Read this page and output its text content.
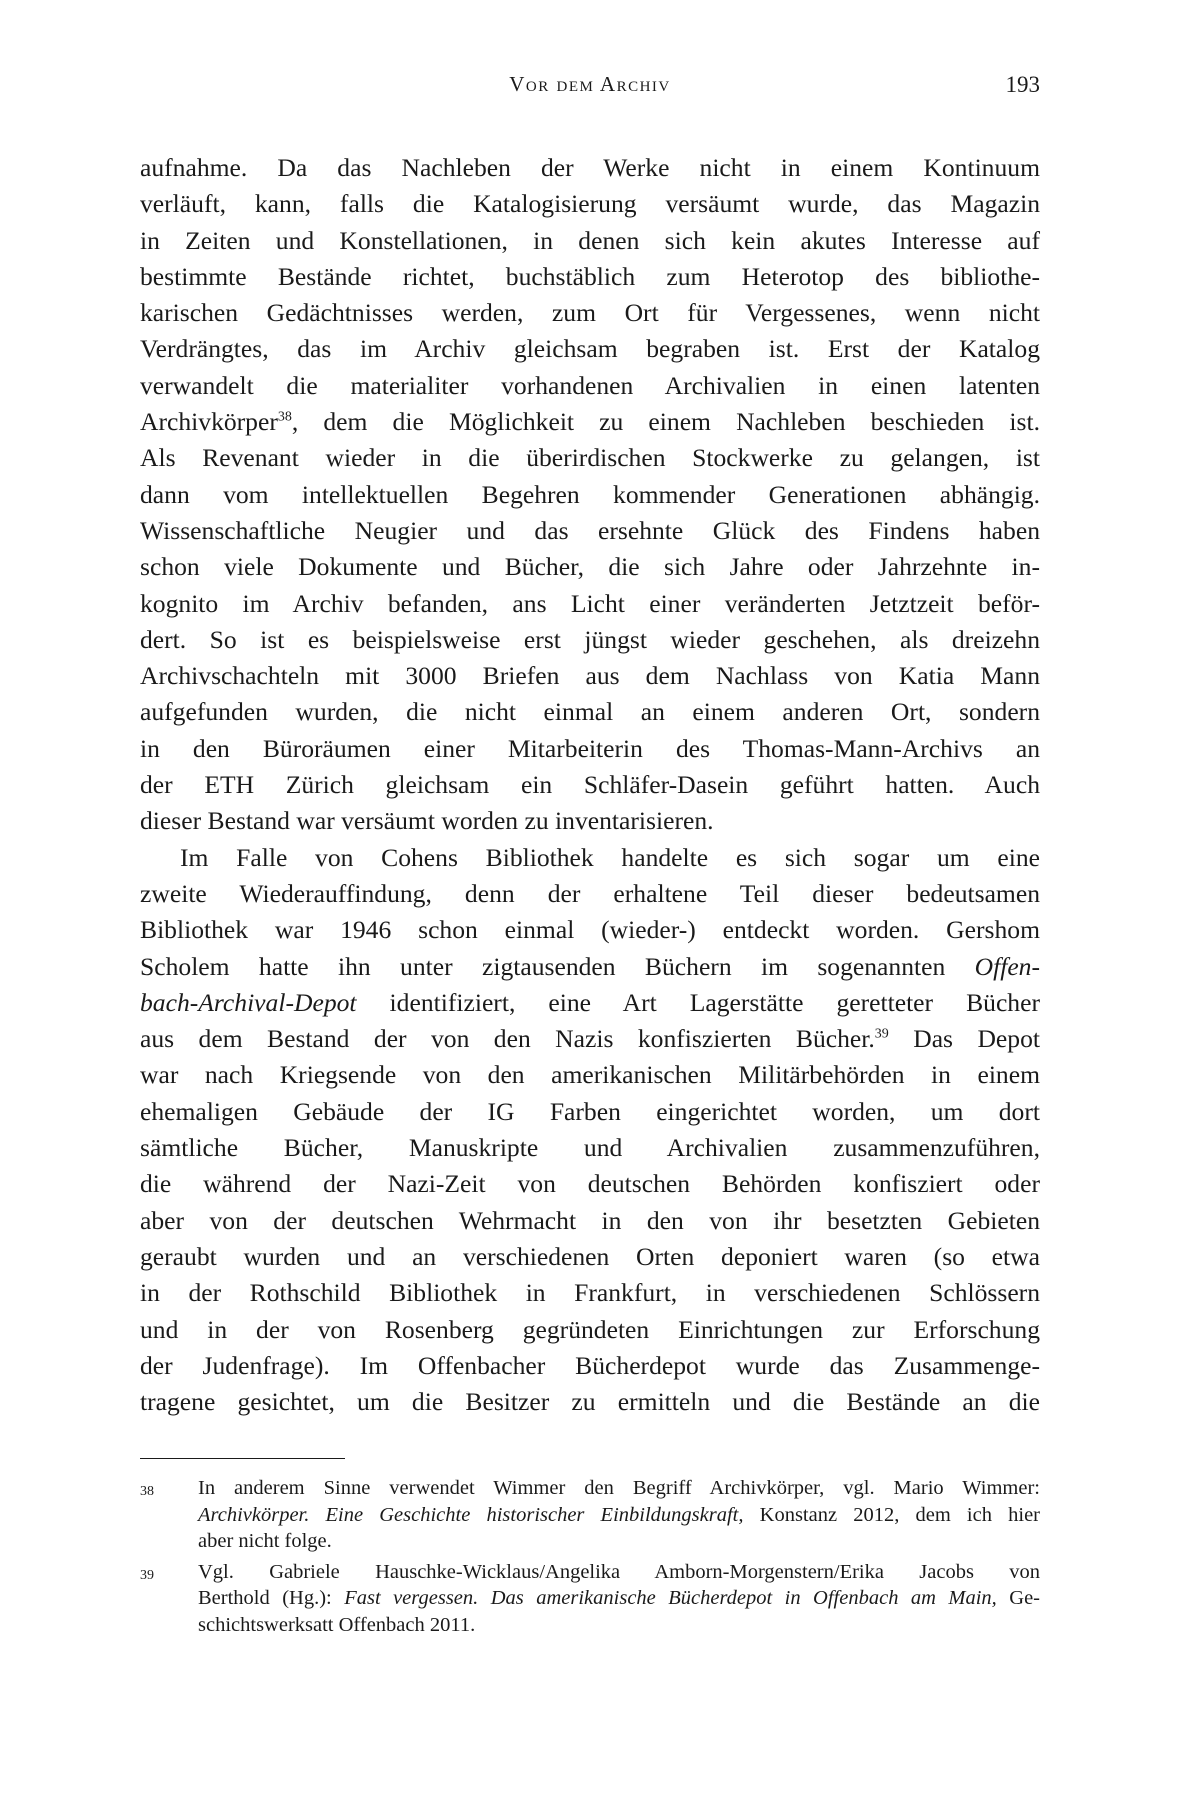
Vor dem Archiv	193
aufnahme. Da das Nachleben der Werke nicht in einem Kontinuum
verläuft, kann, falls die Katalogisierung versäumt wurde, das Magazin
in Zeiten und Konstellationen, in denen sich kein akutes Interesse auf
bestimmte Bestände richtet, buchstäblich zum Heterotop des bibliothe-
karischen Gedächtnisses werden, zum Ort für Vergessenes, wenn nicht
Verdrängtes, das im Archiv gleichsam begraben ist. Erst der Katalog
verwandelt die materialiter vorhandenen Archivalien in einen latenten
Archivkörper$^{38}$, dem die Möglichkeit zu einem Nachleben beschieden ist.
Als Revenant wieder in die überirdischen Stockwerke zu gelangen, ist
dann vom intellektuellen Begehren kommender Generationen abhängig.
Wissenschaftliche Neugier und das ersehnte Glück des Findens haben
schon viele Dokumente und Bücher, die sich Jahre oder Jahrzehnte in-
kognito im Archiv befanden, ans Licht einer veränderten Jetztzeit beför-
dert. So ist es beispielsweise erst jüngst wieder geschehen, als dreizehn
Archivschachteln mit 3000 Briefen aus dem Nachlass von Katia Mann
aufgefunden wurden, die nicht einmal an einem anderen Ort, sondern
in den Büroräumen einer Mitarbeiterin des Thomas-Mann-Archivs an
der ETH Zürich gleichsam ein Schläfer-Dasein geführt hatten. Auch
dieser Bestand war versäumt worden zu inventarisieren.
Im Falle von Cohens Bibliothek handelte es sich sogar um eine
zweite Wiederauffindung, denn der erhaltene Teil dieser bedeutsamen
Bibliothek war 1946 schon einmal (wieder-) entdeckt worden. Gershom
Scholem hatte ihn unter zigtausenden Büchern im sogenannten Offen-
bach-Archival-Depot identifiziert, eine Art Lagerstätte geretteter Bücher
aus dem Bestand der von den Nazis konfiszierten Bücher.$^{39}$ Das Depot
war nach Kriegsende von den amerikanischen Militärbehörden in einem
ehemaligen Gebäude der IG Farben eingerichtet worden, um dort
sämtliche Bücher, Manuskripte und Archivalien zusammenzuführen,
die während der Nazi-Zeit von deutschen Behörden konfisziert oder
aber von der deutschen Wehrmacht in den von ihr besetzten Gebieten
geraubt wurden und an verschiedenen Orten deponiert waren (so etwa
in der Rothschild Bibliothek in Frankfurt, in verschiedenen Schlössern
und in der von Rosenberg gegründeten Einrichtungen zur Erforschung
der Judenfrage). Im Offenbacher Bücherdepot wurde das Zusammenge-
tragene gesichtet, um die Besitzer zu ermitteln und die Bestände an die
38 In anderem Sinne verwendet Wimmer den Begriff Archivkörper, vgl. Mario Wimmer:
Archivkörper. Eine Geschichte historischer Einbildungskraft, Konstanz 2012, dem ich hier
aber nicht folge.
39 Vgl. Gabriele Hauschke-Wicklaus/Angelika Amborn-Morgenstern/Erika Jacobs von
Berthold (Hg.): Fast vergessen. Das amerikanische Bücherdepot in Offenbach am Main, Ge-
schichtswerksatt Offenbach 2011.
